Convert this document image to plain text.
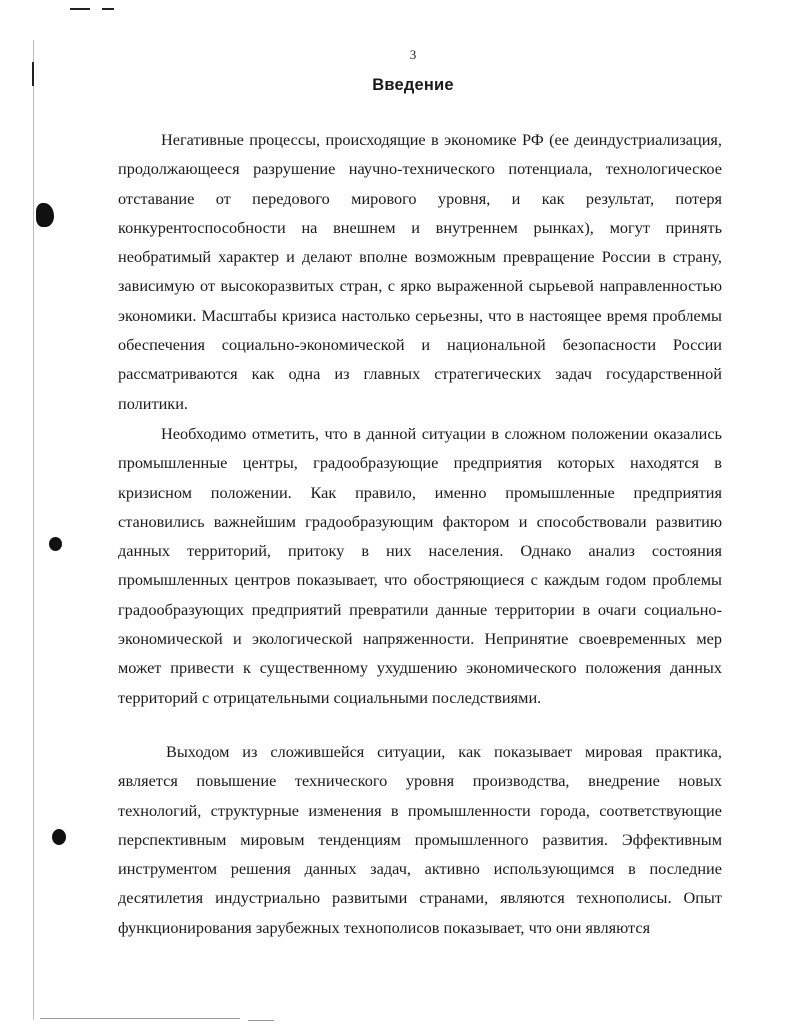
3
Введение

Негативные процессы, происходящие в экономике РФ (ее деиндустриализация, продолжающееся разрушение научно-технического потенциала, технологическое отставание от передового мирового уровня, и как результат, потеря конкурентоспособности на внешнем и внутреннем рынках), могут принять необратимый характер и делают вполне возможным превращение России в страну, зависимую от высокоразвитых стран, с ярко выраженной сырьевой направленностью экономики. Масштабы кризиса настолько серьезны, что в настоящее время проблемы обеспечения социально-экономической и национальной безопасности России рассматриваются как одна из главных стратегических задач государственной политики.

Необходимо отметить, что в данной ситуации в сложном положении оказались промышленные центры, градообразующие предприятия которых находятся в кризисном положении. Как правило, именно промышленные предприятия становились важнейшим градообразующим фактором и способствовали развитию данных территорий, притоку в них населения. Однако анализ состояния промышленных центров показывает, что обостряющиеся с каждым годом проблемы градообразующих предприятий превратили данные территории в очаги социально-экономической и экологической напряженности. Непринятие своевременных мер может привести к существенному ухудшению экономического положения данных территорий с отрицательными социальными последствиями.

Выходом из сложившейся ситуации, как показывает мировая практика, является повышение технического уровня производства, внедрение новых технологий, структурные изменения в промышленности города, соответствующие перспективным мировым тенденциям промышленного развития. Эффективным инструментом решения данных задач, активно использующимся в последние десятилетия индустриально развитыми странами, являются технополисы. Опыт функционирования зарубежных технополисов показывает, что они являются
